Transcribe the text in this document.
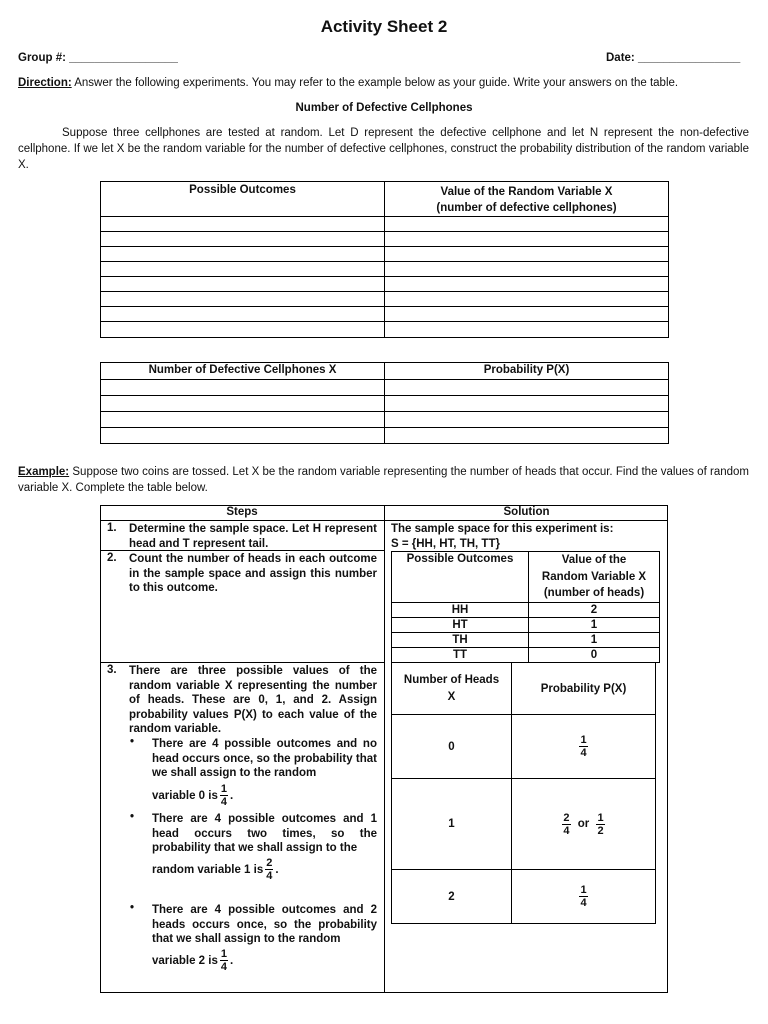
Activity Sheet 2
Group #: _________________	Date: ________________
Direction: Answer the following experiments. You may refer to the example below as your guide. Write your answers on the table.
Number of Defective Cellphones
Suppose three cellphones are tested at random. Let D represent the defective cellphone and let N represent the non-defective cellphone. If we let X be the random variable for the number of defective cellphones, construct the probability distribution of the random variable X.
Possible Outcomes	Value of the Random Variable X
(number of defective cellphones)

Number of Defective Cellphones X	Probability P(X)

Example: Suppose two coins are tossed. Let X be the random variable representing the number of heads that occur. Find the values of random variable X. Complete the table below.
Steps	Solution
1. Determine the sample space. Let H represent head and T represent tail.
The sample space for this experiment is:
S = {HH, HT, TH, TT}
2. Count the number of heads in each outcome in the sample space and assign this number to this outcome.
Possible Outcomes	Value of the
Random Variable X
(number of heads)

HH	2
HT	1
TH	1
TT	0
3. There are three possible values of the random variable X representing the number of heads. These are 0, 1, and 2. Assign probability values P(X) to each value of the random variable.
• There are 4 possible outcomes and no head occurs once, so the probability that we shall assign to the random
variable 0 is $\frac{1}{4}$ .
• There are 4 possible outcomes and 1 head occurs two times, so the probability that we shall assign to the
random variable 1 is $\frac{2}{4}$ .
• There are 4 possible outcomes and 2 heads occurs once, so the probability that we shall assign to the random
variable 2 is $\frac{1}{4}$ .
Number of Heads
X	Probability P(X)
0	$\frac{1}{4}$

1	$\frac{2}{4}$ or $\frac{1}{2}$

2	$\frac{1}{4}$
